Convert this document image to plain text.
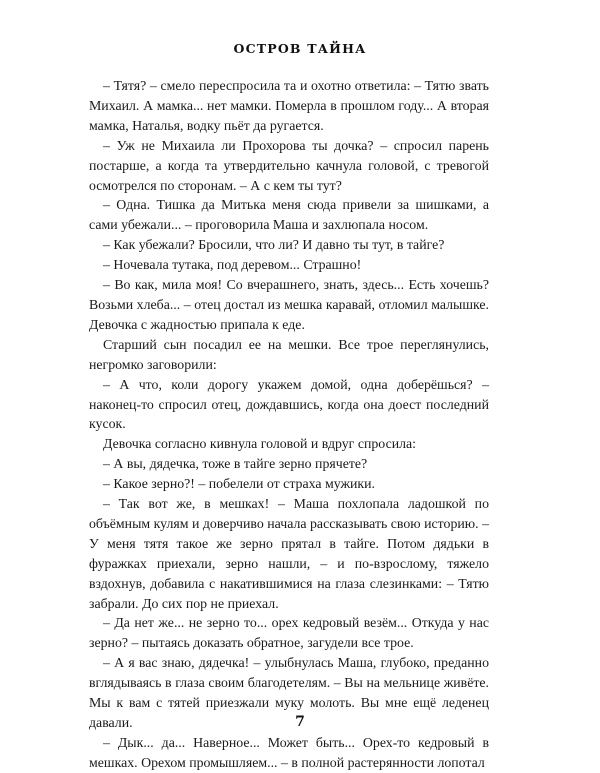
ОСТРОВ ТАЙНА

– Тятя? – смело переспросила та и охотно ответила: – Тятю звать Михаил. А мамка... нет мамки. Померла в прошлом году... А вторая мамка, Наталья, водку пьёт да ругается.

– Уж не Михаила ли Прохорова ты дочка? – спросил парень постарше, а когда та утвердительно качнула головой, с тревогой осмотрелся по сторонам. – А с кем ты тут?

– Одна. Тишка да Митька меня сюда привели за шишками, а сами убежали... – проговорила Маша и захлюпала носом.

– Как убежали? Бросили, что ли? И давно ты тут, в тайге?

– Ночевала тутака, под деревом... Страшно!

– Во как, мила моя! Со вчерашнего, знать, здесь... Есть хочешь? Возьми хлеба... – отец достал из мешка каравай, отломил малышке. Девочка с жадностью припала к еде.

Старший сын посадил ее на мешки. Все трое переглянулись, негромко заговорили:

– А что, коли дорогу укажем домой, одна доберёшься? – наконец-то спросил отец, дождавшись, когда она доест последний кусок.

Девочка согласно кивнула головой и вдруг спросила:

– А вы, дядечка, тоже в тайге зерно прячете?

– Какое зерно?! – побелели от страха мужики.

– Так вот же, в мешках! – Маша похлопала ладошкой по объёмным кулям и доверчиво начала рассказывать свою историю. – У меня тятя такое же зерно прятал в тайге. Потом дядьки в фуражках приехали, зерно нашли, – и по-взрослому, тяжело вздохнув, добавила с накатившимися на глаза слезинками: – Тятю забрали. До сих пор не приехал.

– Да нет же... не зерно то... орех кедровый везём... Откуда у нас зерно? – пытаясь доказать обратное, загудели все трое.

– А я вас знаю, дядечка! – улыбнулась Маша, глубоко, преданно вглядываясь в глаза своим благодетелям. – Вы на мельнице живёте. Мы к вам с тятей приезжали муку молоть. Вы мне ещё леденец давали.

– Дык... да... Наверное... Может быть... Орех-то кедровый в мешках. Орехом промышляем... – в полной растерянности лопотал

7
